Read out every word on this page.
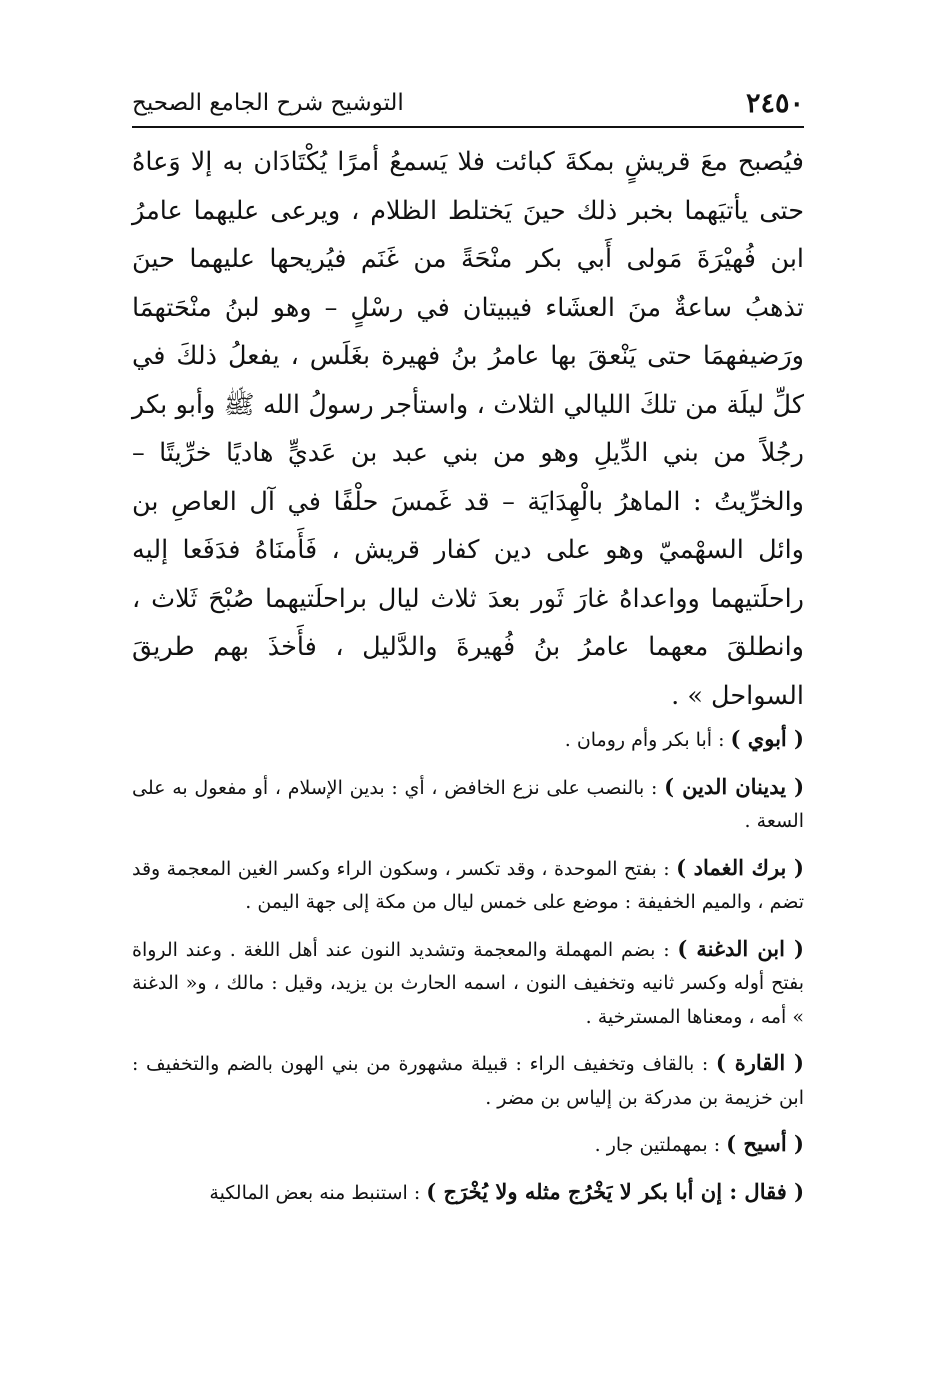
٢٤٥٠
التوشيح شرح الجامع الصحيح

فيُصبح معَ قريشٍ بمكةَ كبائت فلا يَسمعُ أمرًا يُكْتَادَان به إلا وَعاهُ حتى يأتيَهما بخبر ذلك حينَ يَختلط الظلام ، ويرعى عليهما عامرُ ابن فُهيْرَةَ مَولى أَبي بكر منْحَةً من غَنَم فيُريحها عليهما حينَ تذهبُ ساعةٌ منَ العشَاء فيبيتان في رسْلٍ – وهو لبنُ منْحَتهمَا ورَضيفهمَا حتى يَنْعقَ بها عامرُ بنُ فهيرة بغَلَس ، يفعلُ ذلكَ في كلِّ ليلَة من تلكَ الليالي الثلاث ، واستأجر رسولُ الله ﷺ وأبو بكر رجُلاً من بني الدِّيلِ وهو من بني عبد بن عَديٍّ هاديًا خرِّيتًا – والخرِّيتُ : الماهرُ بالْهِدَايَة – قد غَمسَ حلْفًا في آل العاصِ بن وائل السهْميّ وهو على دين كفار قريش ، فَأَمنَاهُ فدَفَعا إليه راحلَتيهما وواعداهُ غارَ ثَور بعدَ ثلاث ليال براحلَتيهما صُبْحَ ثَلاث ، وانطلقَ معهما عامرُ بنُ فُهيرةَ والدَّليل ، فأَخذَ بهم طريقَ السواحل » .

( أبوي ) : أبا بكر وأم رومان .

( يدينان الدين ) : بالنصب على نزع الخافض ، أي : بدين الإسلام ، أو مفعول به على السعة .

( برك الغماد ) : بفتح الموحدة ، وقد تكسر ، وسكون الراء وكسر الغين المعجمة وقد تضم ، والميم الخفيفة : موضع على خمس ليال من مكة إلى جهة اليمن .

( ابن الدغنة ) : بضم المهملة والمعجمة وتشديد النون عند أهل اللغة . وعند الرواة بفتح أوله وكسر ثانيه وتخفيف النون ، اسمه الحارث بن يزيد، وقيل : مالك ، و« الدغنة » أمه ، ومعناها المسترخية .

( القارة ) : بالقاف وتخفيف الراء : قبيلة مشهورة من بني الهون بالضم والتخفيف : ابن خزيمة بن مدركة بن إلياس بن مضر .

( أسيح ) : بمهملتين جار .

( فقال : إن أبا بكر لا يَخْرُج مثله ولا يُخْرَج ) : استنبط منه بعض المالكية
